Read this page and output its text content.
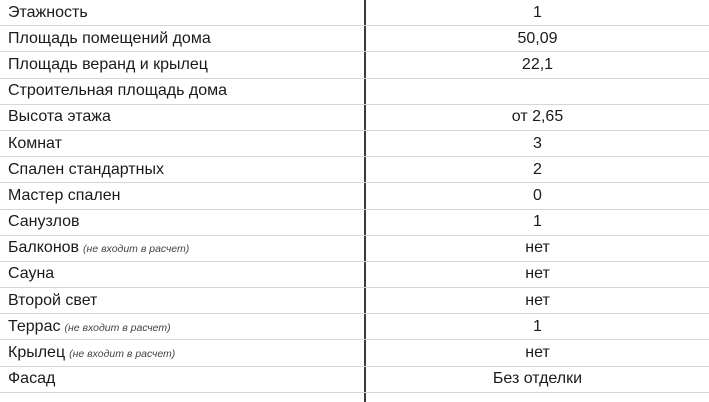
Этажность	1
Площадь помещений дома	50,09
Площадь веранд и крылец	22,1
Строительная площадь дома
Высота этажа	от 2,65
Комнат	3
Спален стандартных	2
Мастер спален	0
Санузлов	1
Балконов (не входит в расчет)	нет
Сауна	нет
Второй свет	нет
Террас (не входит в расчет)	1
Крылец (не входит в расчет)	нет
Фасад	Без отделки
